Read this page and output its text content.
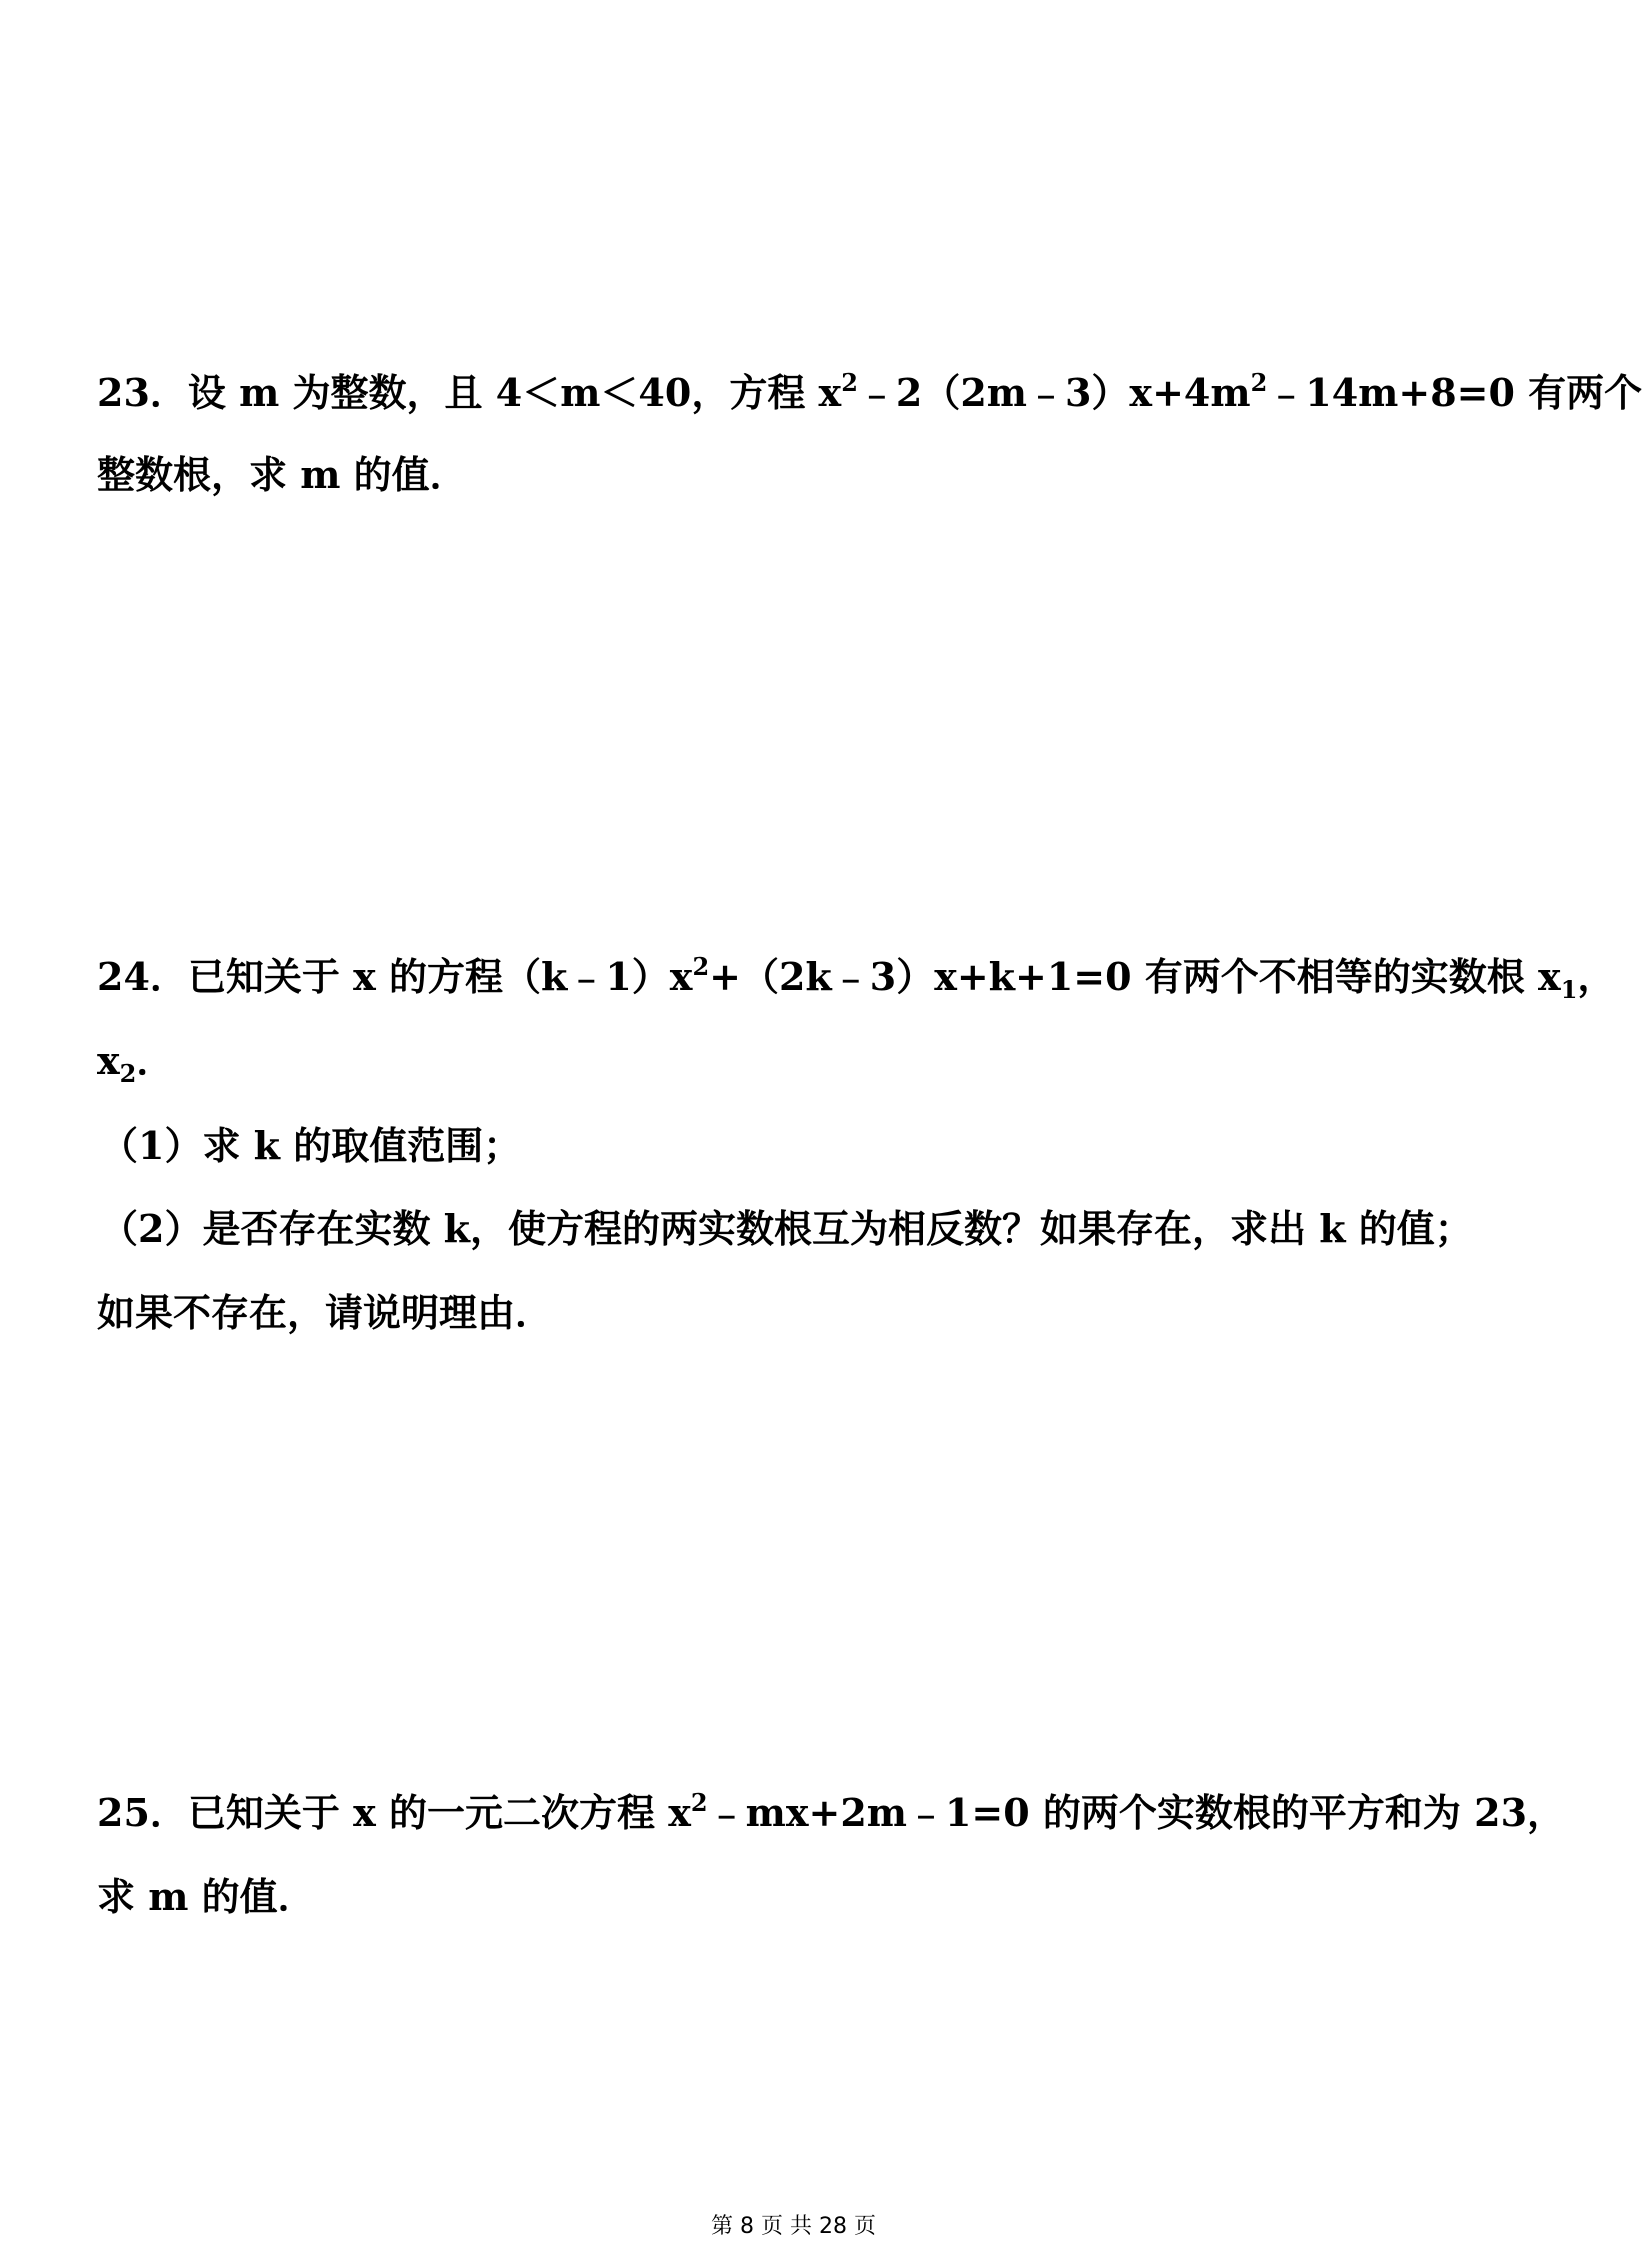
23．设 m 为整数，且 4＜m＜40，方程 $x^2﹣2(2m﹣3)x+4m^2﹣14m+8=0$ 有两个
整数根，求 m 的值．
24．已知关于 x 的方程$(k﹣1)x^2+(2k﹣3)x+k+1=0$ 有两个不相等的实数根 $x_1$，
$x_2$．
（1）求 k 的取值范围；
（2）是否存在实数 k，使方程的两实数根互为相反数？如果存在，求出 k 的值；
如果不存在，请说明理由．
25．已知关于 x 的一元二次方程 $x^2﹣mx+2m﹣1=0$ 的两个实数根的平方和为 23，
求 m 的值．
第 8 页 共 28 页
